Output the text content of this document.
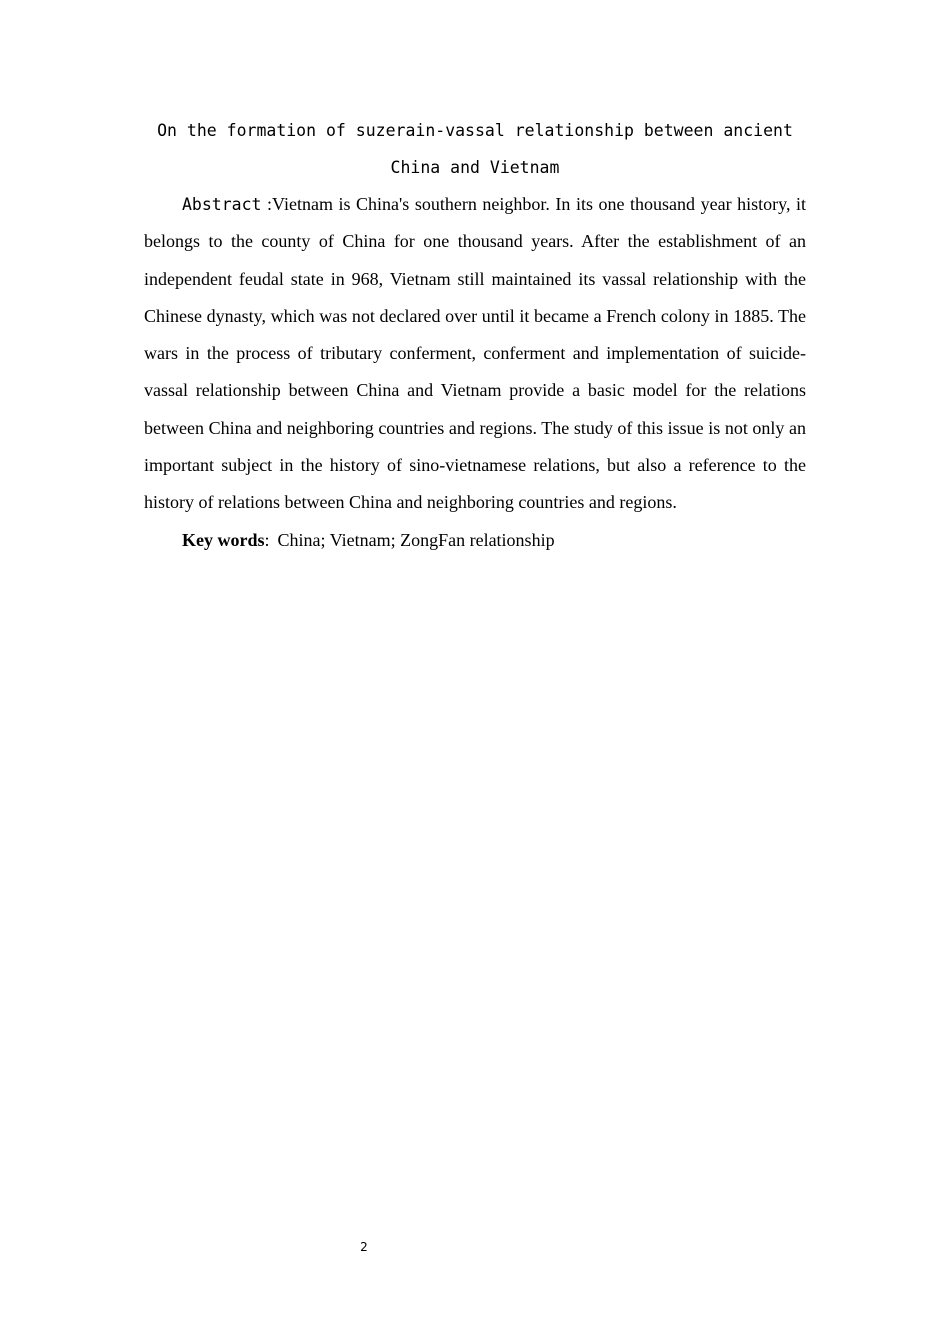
On the formation of suzerain-vassal relationship between ancient
China and Vietnam

Abstract :Vietnam is China's southern neighbor. In its one thousand year history, it belongs to the county of China for one thousand years. After the establishment of an independent feudal state in 968, Vietnam still maintained its vassal relationship with the Chinese dynasty, which was not declared over until it became a French colony in 1885. The wars in the process of tributary conferment, conferment and implementation of suicide-vassal relationship between China and Vietnam provide a basic model for the relations between China and neighboring countries and regions. The study of this issue is not only an important subject in the history of sino-vietnamese relations, but also a reference to the history of relations between China and neighboring countries and regions.

Key words: China; Vietnam; ZongFan relationship

2
